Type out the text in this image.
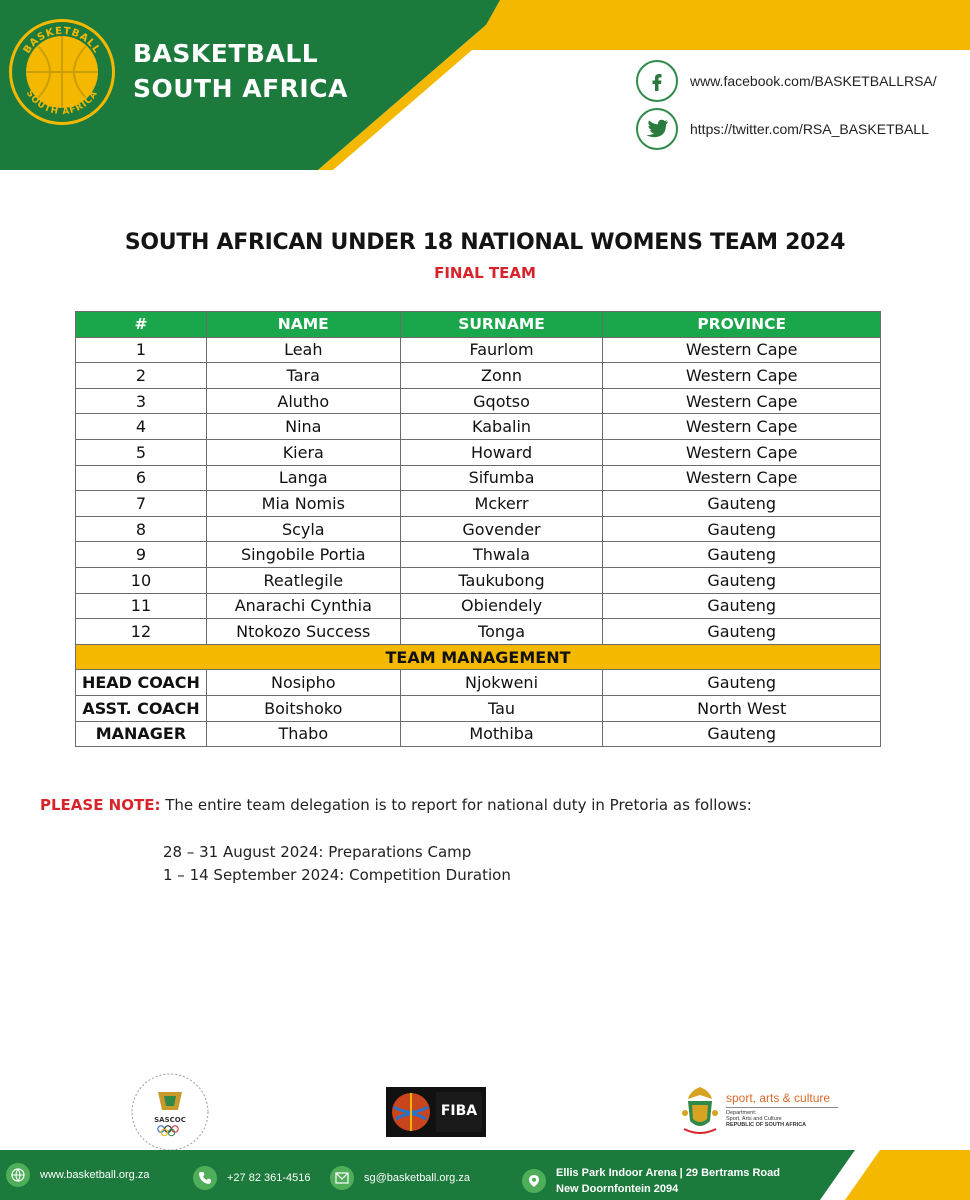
BASKETBALL
SOUTH AFRICA
BASKETBALL
SOUTH AFRICA	www.facebook.com/BASKETBALLRSA/
https://twitter.com/RSA_BASKETBALL
SOUTH AFRICAN UNDER 18 NATIONAL WOMENS TEAM 2024
FINAL TEAM
#	NAME	SURNAME	PROVINCE
1	Leah	Faurlom	Western Cape
2	Tara	Zonn	Western Cape
3	Alutho	Gqotso	Western Cape
4	Nina	Kabalin	Western Cape
5	Kiera	Howard	Western Cape
6	Langa	Sifumba	Western Cape
7	Mia Nomis	Mckerr	Gauteng
8	Scyla	Govender	Gauteng
9	Singobile Portia	Thwala	Gauteng
10	Reatlegile	Taukubong	Gauteng
11	Anarachi Cynthia	Obiendely	Gauteng
12	Ntokozo Success	Tonga	Gauteng
TEAM MANAGEMENT			
HEAD COACH	Nosipho	Njokweni	Gauteng
ASST. COACH	Boitshoko	Tau	North West
MANAGER	Thabo	Mothiba	Gauteng
PLEASE NOTE: The entire team delegation is to report for national duty in Pretoria as follows:
28 – 31 August 2024: Preparations Camp
1 – 14 September 2024: Competition Duration
SASCOC
FIBA
sport, arts & culture
Department:
Sport, Arts and Culture
REPUBLIC OF SOUTH AFRICA
www.basketball.org.za	+27 82 361-4516	sg@basketball.org.za	Ellis Park Indoor Arena | 29 Bertrams Road
New Doornfontein 2094
